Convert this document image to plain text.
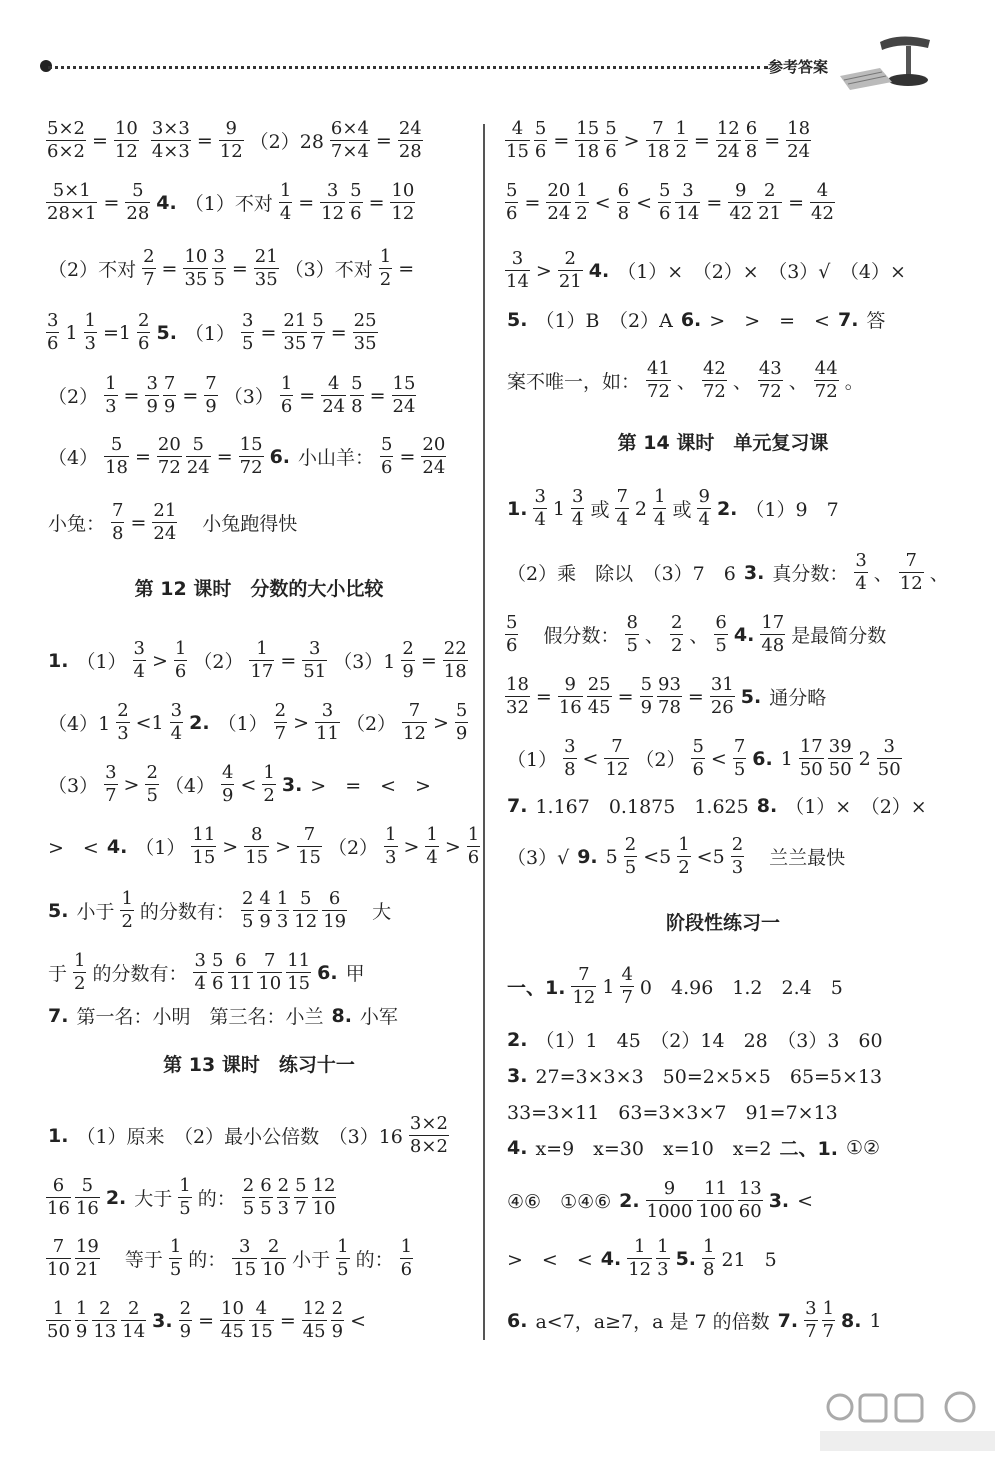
参考答案
第 12 课时　分数的大小比较
第 13 课时　练习十一
$\frac{5\times 2}{6\times 2} = \frac{10}{12} \frac{3\times 3}{4\times 3} = \frac{9}{12} (2)28 \frac{6\times 4}{7\times 4} = \frac{24}{28}$
$\frac{5\times 1}{28\times 1} = \frac{5}{28} 4$. （1）不对 $\frac{1}{4} = \frac{3}{12} \frac{5}{6} = \frac{10}{12}$
（2）不对 $\frac{2}{7} = \frac{10}{35} \frac{3}{5} = \frac{21}{35} (3)$不对 $\frac{1}{2}$ =
$\frac{3}{6} 1 \frac{1}{3} =1 \frac{2}{6} 5$. $(1) \frac{3}{5} = \frac{21}{35} \frac{5}{7} = \frac{25}{35}$
$(2) \frac{1}{3} = \frac{3}{9} \frac{7}{9} = \frac{7}{9} (3) \frac{1}{6} = \frac{4}{24} \frac{5}{8} = \frac{15}{24}$
$(4) \frac{5}{18} = \frac{20}{72} \frac{5}{24} = \frac{15}{72} 6$. 小山羊： $\frac{5}{6} = \frac{20}{24}$
小兔： $\frac{7}{8} = \frac{21}{24}$ 　小兔跑得快
1. $(1) \frac{3}{4} > \frac{1}{6} (2) \frac{1}{17} = \frac{3}{51} (3)1 \frac{2}{9} = \frac{22}{18}$
$(4)1 \frac{2}{3} <1 \frac{3}{4} 2$. $(1) \frac{2}{7} > \frac{3}{11} (2) \frac{7}{12} > \frac{5}{9}$
$(3) \frac{3}{7} > \frac{2}{5} (4) \frac{4}{9} < \frac{1}{2} 3$. >　=　<　>
>　< 4. $(1) \frac{11}{15} > \frac{8}{15} > \frac{7}{15} (2) \frac{1}{3} > \frac{1}{4} > \frac{1}{6}$
5. 小于 $\frac{1}{2}$ 的分数有： $\frac{2}{5} \frac{4}{9} \frac{1}{3} \frac{5}{12} \frac{6}{19}$ 　大
于 $\frac{1}{2}$ 的分数有： $\frac{3}{4} \frac{5}{6} \frac{6}{11} \frac{7}{10} \frac{11}{15} 6$. 甲
7. 第一名：小明　第三名：小兰 8. 小军
1. （1）原来　（2）最小公倍数　$(3)16 \frac{3\times 2}{8\times 2}$
$\frac{6}{16} \frac{5}{16} 2$. 大于 $\frac{1}{5}$ 的： $\frac{2}{5} \frac{6}{5} \frac{2}{3} \frac{5}{7} \frac{12}{10}$
$\frac{7}{10} \frac{19}{21}$ 　等于 $\frac{1}{5}$ 的： $\frac{3}{15} \frac{2}{10}$ 小于 $\frac{1}{5}$ 的： $\frac{1}{6}$
$\frac{1}{50} \frac{1}{9} \frac{2}{13} \frac{2}{14} 3$. $\frac{2}{9} = \frac{10}{45} \frac{4}{15} = \frac{12}{45} \frac{2}{9}$ <
第 14 课时　单元复习课
阶段性练习一
$\frac{4}{15} \frac{5}{6} = \frac{15}{18} \frac{5}{6} > \frac{7}{18} \frac{1}{2} = \frac{12}{24} \frac{6}{8} = \frac{18}{24}$
$\frac{5}{6} = \frac{20}{24} \frac{1}{2} < \frac{6}{8} < \frac{5}{6} \frac{3}{14} = \frac{9}{42} \frac{2}{21} = \frac{4}{42}$
$\frac{3}{14} > \frac{2}{21} 4$. （1）×　（2）×　（3）√　（4）×
5. （1）B　（2）A 6. >　>　=　< 7. 答
案不唯一，如： $\frac{41}{72}$ 、 $\frac{42}{72}$ 、 $\frac{43}{72}$ 、 $\frac{44}{72}$ 。
1. $\frac{3}{4} 1 \frac{3}{4}$ 或 $\frac{7}{4} 2 \frac{1}{4}$ 或 $\frac{9}{4} 2$. （1）9　7
（2）乘　除以　（3）7　6 3. 真分数： $\frac{3}{4}$ 、 $\frac{7}{12}$ 、
$\frac{5}{6}$ 　假分数： $\frac{8}{5}$ 、 $\frac{2}{2}$ 、 $\frac{6}{5} 4$. $\frac{17}{48}$ 是最简分数
$\frac{18}{32} = \frac{9}{16} \frac{25}{45} = \frac{5}{9} \frac{93}{78} = \frac{31}{26} 5$. 通分略
$(1) \frac{3}{8} < \frac{7}{12} (2) \frac{5}{6} < \frac{7}{5} 6$. $1 \frac{17}{50} \frac{39}{50} 2 \frac{3}{50}$
7. 1.167　0.1875　1.625 8. （1）×　（2）×
（3）√ 9. $5 \frac{2}{5} <5 \frac{1}{2} <5 \frac{2}{3}$ 　兰兰最快
一、1. $\frac{7}{12} 1 \frac{4}{7} 0$　4.96　1.2　2.4　5
2. （1）1　45　（2）14　28　（3）3　60
3. 27=3×3×3　50=2×5×5　65=5×13
33=3×11　63=3×3×7　91=7×13
4. x=9　x=30　x=10　x=2 二、1. ①②
④⑥　①④⑥ 2. $\frac{9}{1000} \frac{11}{100} \frac{13}{60} 3$. <
>　<　< 4. $\frac{1}{12} \frac{1}{3} 5$. $\frac{1}{8} 21$　5
6. a<7，a≥7，a 是 7 的倍数 7. $\frac{3}{7} \frac{1}{7} 8$. 1
